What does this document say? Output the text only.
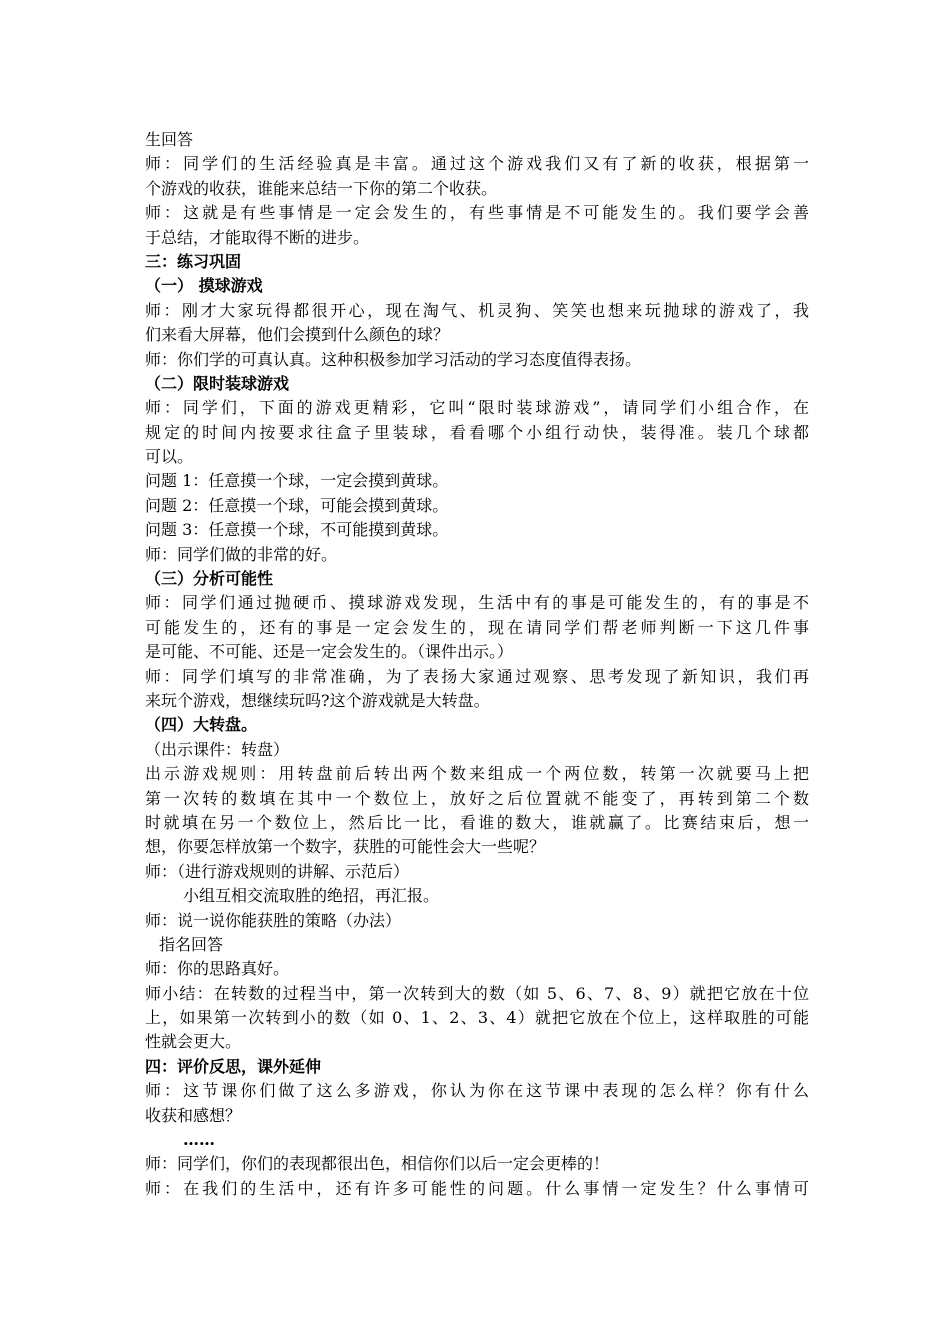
生回答
师：同学们的生活经验真是丰富。通过这个游戏我们又有了新的收获，根据第一
个游戏的收获，谁能来总结一下你的第二个收获。
师：这就是有些事情是一定会发生的，有些事情是不可能发生的。我们要学会善
于总结，才能取得不断的进步。
三：练习巩固
（一） 摸球游戏
师：刚才大家玩得都很开心，现在淘气、机灵狗、笑笑也想来玩抛球的游戏了，我
们来看大屏幕，他们会摸到什么颜色的球？
师：你们学的可真认真。这种积极参加学习活动的学习态度值得表扬。
（二）限时装球游戏
师：同学们，下面的游戏更精彩，它叫“限时装球游戏”，请同学们小组合作，在
规定的时间内按要求往盒子里装球，看看哪个小组行动快，装得准。装几个球都
可以。
问题 1：任意摸一个球，一定会摸到黄球。
问题 2：任意摸一个球，可能会摸到黄球。
问题 3：任意摸一个球，不可能摸到黄球。
师：同学们做的非常的好。
（三）分析可能性
师：同学们通过抛硬币、摸球游戏发现，生活中有的事是可能发生的，有的事是不
可能发生的，还有的事是一定会发生的，现在请同学们帮老师判断一下这几件事
是可能、不可能、还是一定会发生的。（课件出示。）
师：同学们填写的非常准确，为了表扬大家通过观察、思考发现了新知识，我们再
来玩个游戏，想继续玩吗?这个游戏就是大转盘。
（四）大转盘。
（出示课件：转盘）
出示游戏规则：用转盘前后转出两个数来组成一个两位数，转第一次就要马上把
第一次转的数填在其中一个数位上，放好之后位置就不能变了，再转到第二个数
时就填在另一个数位上，然后比一比，看谁的数大，谁就赢了。比赛结束后，想一
想，你要怎样放第一个数字，获胜的可能性会大一些呢？
师：（进行游戏规则的讲解、示范后）
小组互相交流取胜的绝招，再汇报。
师：说一说你能获胜的策略（办法）
指名回答
师：你的思路真好。
师小结：在转数的过程当中，第一次转到大的数（如 5、6、7、8、9）就把它放在十位
上，如果第一次转到小的数（如 0、1、2、3、4）就把它放在个位上，这样取胜的可能
性就会更大。
四：评价反思，课外延伸
师：这节课你们做了这么多游戏，你认为你在这节课中表现的怎么样？你有什么
收获和感想？
……
师：同学们，你们的表现都很出色，相信你们以后一定会更棒的！
师：在我们的生活中，还有许多可能性的问题。什么事情一定发生？什么事情可
